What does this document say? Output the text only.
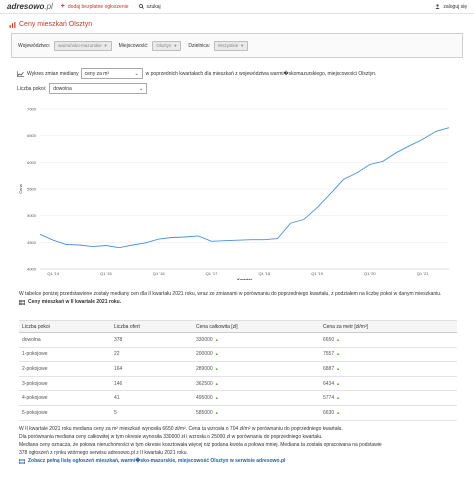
adresowo.pl + dodaj bezpłatne ogłoszenie	szukaj	zaloguj się
Ceny mieszkań Olsztyn
Województwo: warmińsko-mazurskie ▼ Miejscowość: Olsztyn ▼ Dzielnica: Wszystkie ▼
Wykres zmian mediany ceny za m²	⌄ w poprzednich kwartałach dla mieszkań z województwa warmi�skomazurskiego, miejscowości Olsztyn.
Liczba pokoi: dowolna	⌄
4000
4500
5000
5500
6000
6500
7000
Q1 '14	Q1 '15	Q1 '16	Q1 '17	Q1 '18	Q1 '19	Q1 '20	Q1 '21
Kwartał
Cena
W tabelce poniżej przedstawione zostały mediany cen dla II kwartału 2021 roku, wraz ze zmianami w porównaniu do poprzedniego kwartału, z podziałem na liczbę pokoi w danym mieszkaniu.
Ceny mieszkań w II kwartale 2021 roku.
Liczba pokoi	Liczba ofert	Cena całkowita [zł]	Cena za metr [zł/m²]
dowolna	378	330000 ▲	6650 ▲
1-pokojowe	22	200000 ▲	7557 ▲
2-pokojowe	164	289000 ▲	6887 ▲
3-pokojowe	146	362500 ▲	6434 ▲
4-pokojowe	41	495000 ▲	5774 ▲
5-pokojowe	5	585000 ▲	6630 ▲
W II kwartale 2021 roku mediana ceny za m² mieszkań wynosiła 6650 zł/m². Cena ta wzrosła o 704 zł/m² w porównaniu do poprzedniego kwartału.
Dla porównania mediana ceny całkowitej w tym okresie wynosiła 330000 zł i wzrosła o 25000 zł w porównaniu do poprzedniego kwartału.
Mediana ceny oznacza, że połowa nieruchomości w tym okresie kosztowała więcej niż podana kwota a połowa mniej. Mediana ta została opracowana na podstawie
378 ogłoszeń z rynku wtórnego serwisu adresowo.pl z II kwartału 2021 roku.
Zobacz pełną listę ogłoszeń mieszkań, warmi�sko-mazurskie, miejscowość Olsztyn w serwisie adresowo.pl
